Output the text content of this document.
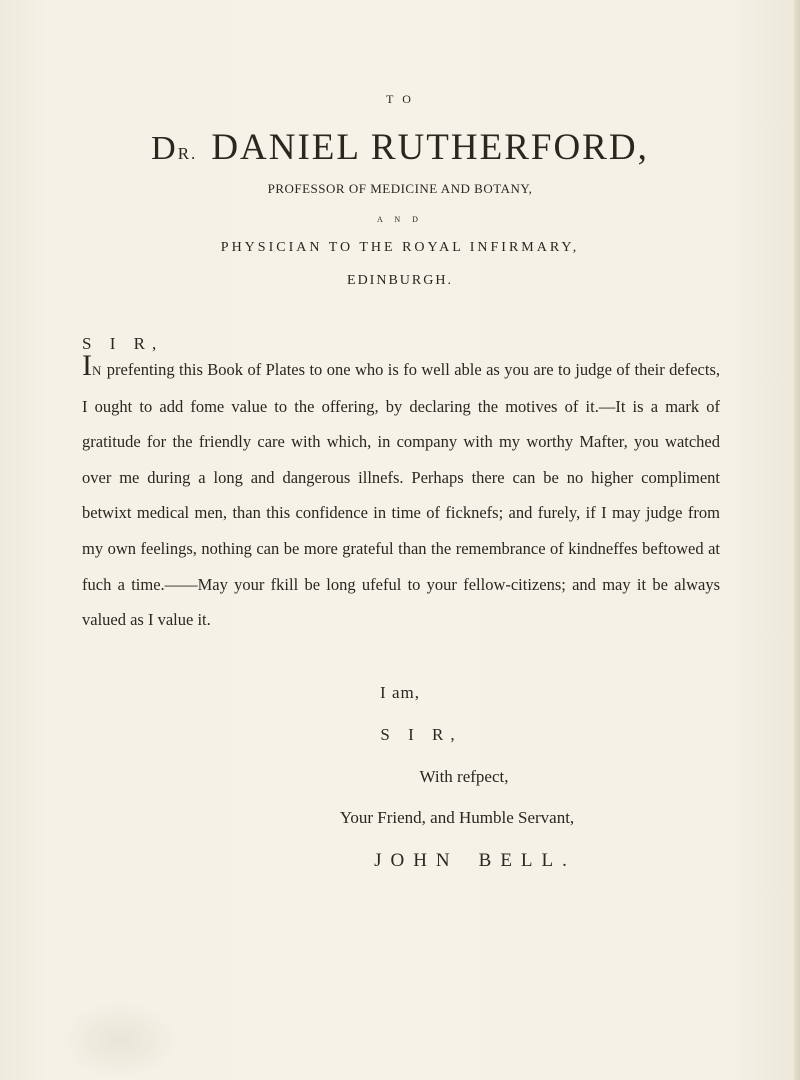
T O
DR. DANIEL RUTHERFORD,
PROFESSOR OF MEDICINE AND BOTANY,
A N D
PHYSICIAN TO THE ROYAL INFIRMARY,
EDINBURGH.
S I R,
IN prefenting this Book of Plates to one who is fo well able as you are to judge of their defects, I ought to add fome value to the offering, by declaring the motives of it.—It is a mark of gratitude for the friendly care with which, in company with my worthy Mafter, you watched over me during a long and dangerous illnefs. Perhaps there can be no higher compliment betwixt medical men, than this confidence in time of ficknefs; and furely, if I may judge from my own feelings, nothing can be more grateful than the remembrance of kindneffes beftowed at fuch a time.——May your fkill be long ufeful to your fellow-citizens; and may it be always valued as I value it.
I am,
S I R,
With refpect,
Your Friend, and Humble Servant,
JOHN BELL.
